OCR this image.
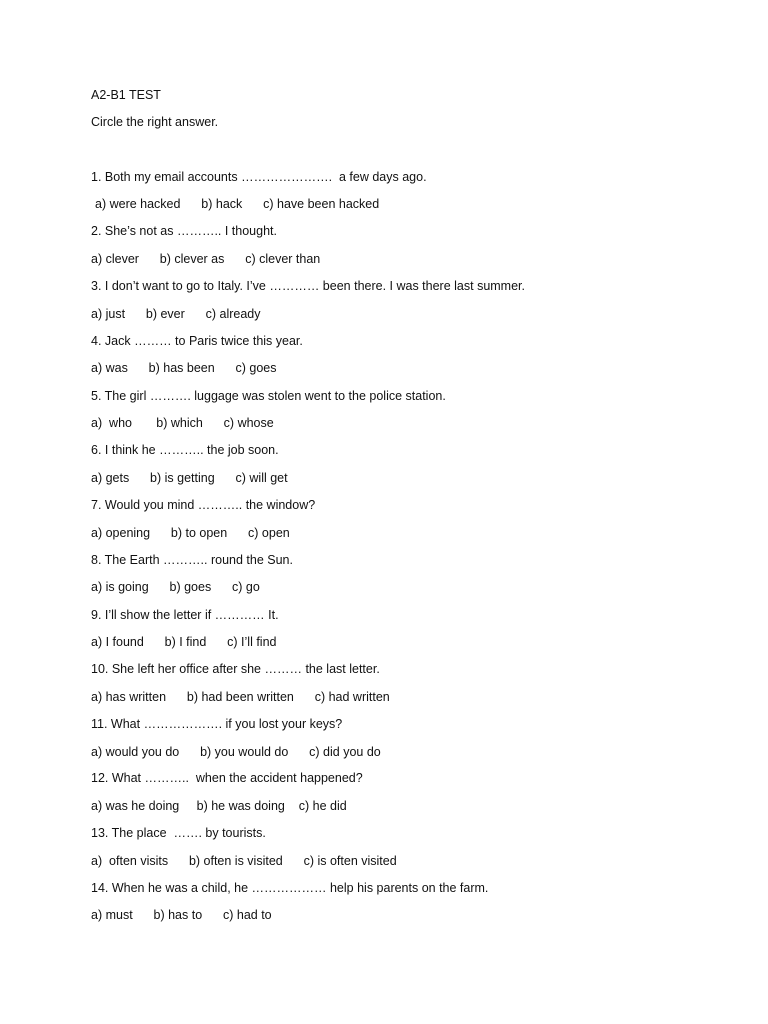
A2-B1 TEST
Circle the right answer.
1. Both my email accounts ………………….  a few days ago.
a) were hacked      b) hack      c) have been hacked
2. She’s not as ……….. I thought.
a) clever      b) clever as      c) clever than
3. I don’t want to go to Italy. I’ve ………… been there. I was there last summer.
a) just      b) ever      c) already
4. Jack ……… to Paris twice this year.
a) was      b) has been      c) goes
5. The girl ………. luggage was stolen went to the police station.
a)  who       b) which      c) whose
6. I think he ……….. the job soon.
a) gets      b) is getting      c) will get
7. Would you mind ……….. the window?
a) opening      b) to open      c) open
8. The Earth ……….. round the Sun.
a) is going      b) goes      c) go
9. I’ll show the letter if ………… It.
a) I found      b) I find      c) I’ll find
10. She left her office after she ……… the last letter.
a) has written      b) had been written      c) had written
11. What ………………. if you lost your keys?
a) would you do      b) you would do      c) did you do
12. What ………..  when the accident happened?
a) was he doing     b) he was doing    c) he did
13. The place  ……. by tourists.
a)  often visits      b) often is visited      c) is often visited
14. When he was a child, he ……………… help his parents on the farm.
a) must      b) has to      c) had to
